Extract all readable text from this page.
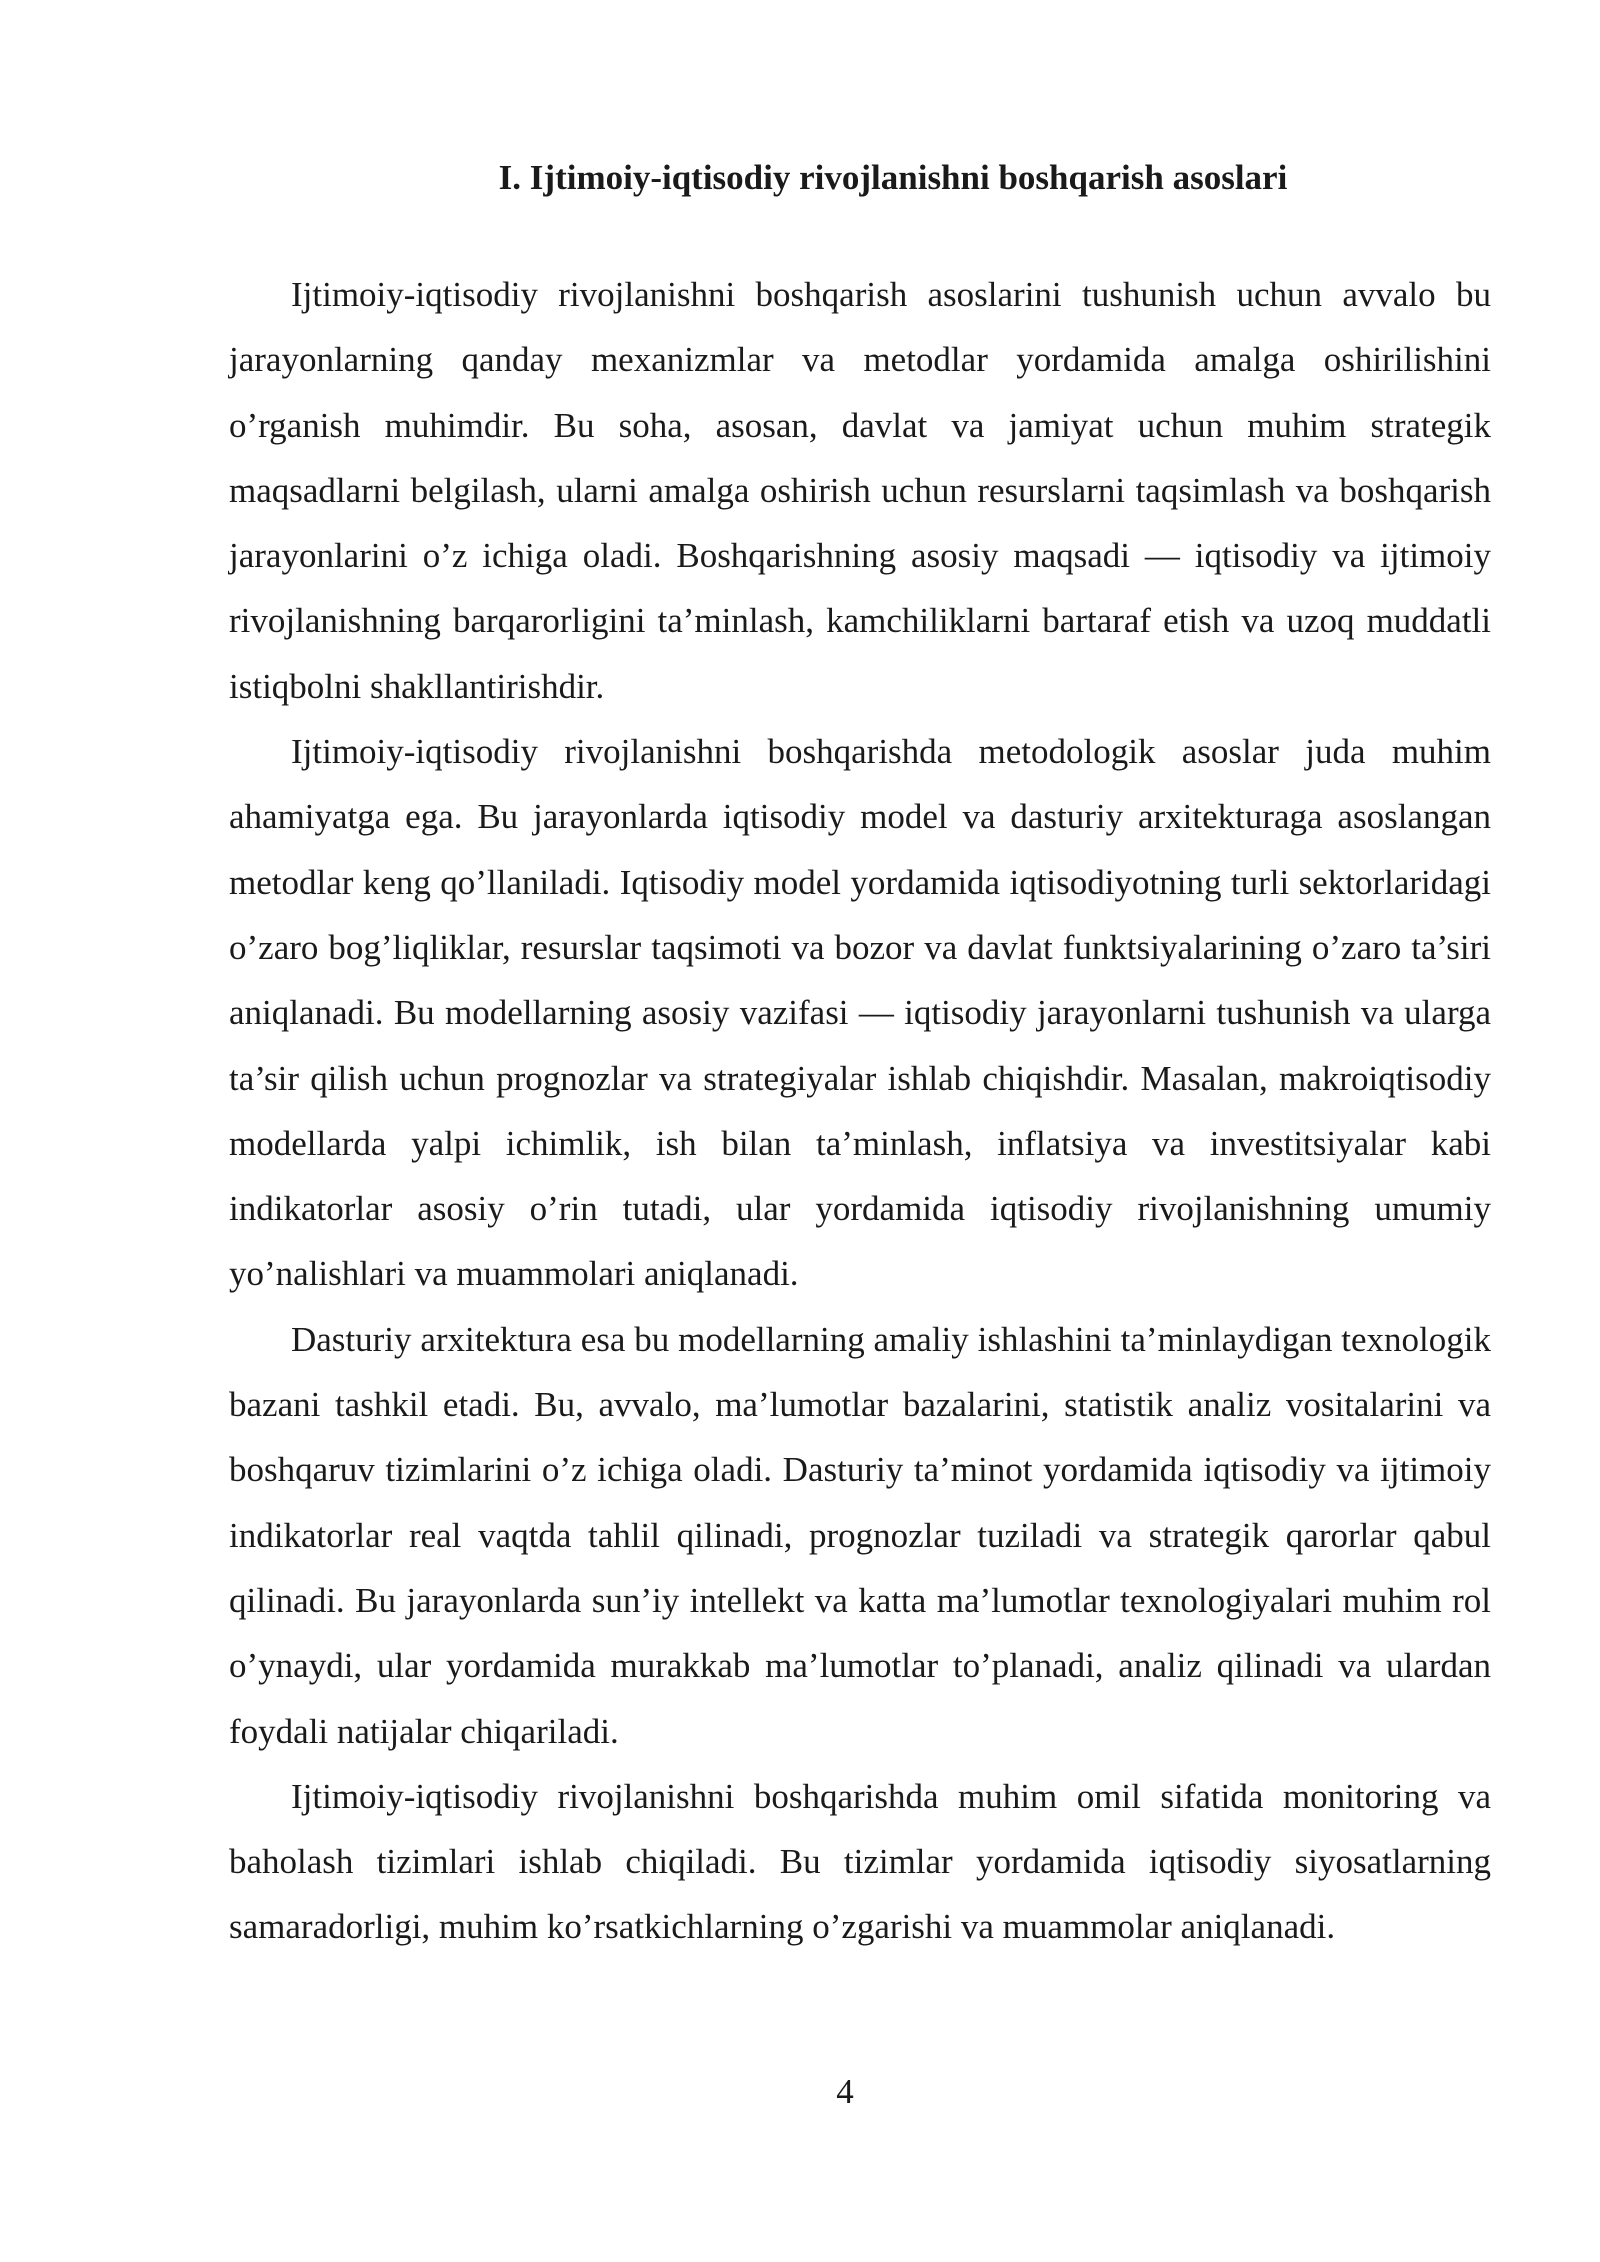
I. Ijtimoiy-iqtisodiy rivojlanishni boshqarish asoslari

Ijtimoiy-iqtisodiy rivojlanishni boshqarish asoslarini tushunish uchun avvalo bu jarayonlarning qanday mexanizmlar va metodlar yordamida amalga oshirilishini o’rganish muhimdir. Bu soha, asosan, davlat va jamiyat uchun muhim strategik maqsadlarni belgilash, ularni amalga oshirish uchun resurslarni taqsimlash va boshqarish jarayonlarini o’z ichiga oladi. Boshqarishning asosiy maqsadi — iqtisodiy va ijtimoiy rivojlanishning barqarorligini ta’minlash, kamchiliklarni bartaraf etish va uzoq muddatli istiqbolni shakllantirishdir.

Ijtimoiy-iqtisodiy rivojlanishni boshqarishda metodologik asoslar juda muhim ahamiyatga ega. Bu jarayonlarda iqtisodiy model va dasturiy arxitekturaga asoslangan metodlar keng qo’llaniladi. Iqtisodiy model yordamida iqtisodiyotning turli sektorlaridagi o’zaro bog’liqliklar, resurslar taqsimoti va bozor va davlat funktsiyalarining o’zaro ta’siri aniqlanadi. Bu modellarning asosiy vazifasi — iqtisodiy jarayonlarni tushunish va ularga ta’sir qilish uchun prognozlar va strategiyalar ishlab chiqishdir. Masalan, makroiqtisodiy modellarda yalpi ichimlik, ish bilan ta’minlash, inflatsiya va investitsiyalar kabi indikatorlar asosiy o’rin tutadi, ular yordamida iqtisodiy rivojlanishning umumiy yo’nalishlari va muammolari aniqlanadi.

Dasturiy arxitektura esa bu modellarning amaliy ishlashini ta’minlaydigan texnologik bazani tashkil etadi. Bu, avvalo, ma’lumotlar bazalarini, statistik analiz vositalarini va boshqaruv tizimlarini o’z ichiga oladi. Dasturiy ta’minot yordamida iqtisodiy va ijtimoiy indikatorlar real vaqtda tahlil qilinadi, prognozlar tuziladi va strategik qarorlar qabul qilinadi. Bu jarayonlarda sun’iy intellekt va katta ma’lumotlar texnologiyalari muhim rol o’ynaydi, ular yordamida murakkab ma’lumotlar to’planadi, analiz qilinadi va ulardan foydali natijalar chiqariladi.

Ijtimoiy-iqtisodiy rivojlanishni boshqarishda muhim omil sifatida monitoring va baholash tizimlari ishlab chiqiladi. Bu tizimlar yordamida iqtisodiy siyosatlarning samaradorligi, muhim ko’rsatkichlarning o’zgarishi va muammolar aniqlanadi.

4
